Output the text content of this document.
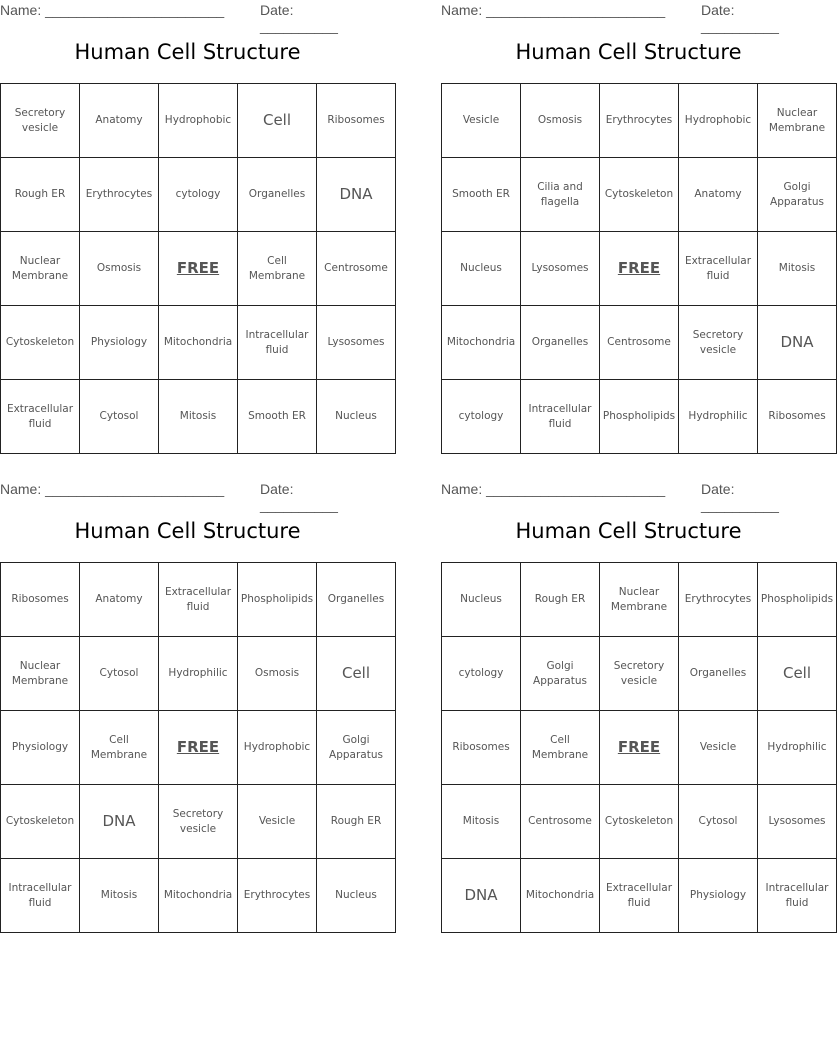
Name: _______________________	Date: __________
Human Cell Structure
Secretory vesicle	Anatomy	Hydrophobic	Cell	Ribosomes
Rough ER	Erythrocytes	cytology	Organelles	DNA
Nuclear Membrane	Osmosis	FREE	Cell Membrane	Centrosome
Cytoskeleton	Physiology	Mitochondria	Intracellular fluid	Lysosomes
Extracellular fluid	Cytosol	Mitosis	Smooth ER	Nucleus
Name: _______________________	Date: __________
Human Cell Structure
Vesicle	Osmosis	Erythrocytes	Hydrophobic	Nuclear Membrane
Smooth ER	Cilia and flagella	Cytoskeleton	Anatomy	Golgi Apparatus
Nucleus	Lysosomes	FREE	Extracellular fluid	Mitosis
Mitochondria	Organelles	Centrosome	Secretory vesicle	DNA
cytology	Intracellular fluid	Phospholipids	Hydrophilic	Ribosomes
Name: _______________________	Date: __________
Human Cell Structure
Ribosomes	Anatomy	Extracellular fluid	Phospholipids	Organelles
Nuclear Membrane	Cytosol	Hydrophilic	Osmosis	Cell
Physiology	Cell Membrane	FREE	Hydrophobic	Golgi Apparatus
Cytoskeleton	DNA	Secretory vesicle	Vesicle	Rough ER
Intracellular fluid	Mitosis	Mitochondria	Erythrocytes	Nucleus
Name: _______________________	Date: __________
Human Cell Structure
Nucleus	Rough ER	Nuclear Membrane	Erythrocytes	Phospholipids
cytology	Golgi Apparatus	Secretory vesicle	Organelles	Cell
Ribosomes	Cell Membrane	FREE	Vesicle	Hydrophilic
Mitosis	Centrosome	Cytoskeleton	Cytosol	Lysosomes
DNA	Mitochondria	Extracellular fluid	Physiology	Intracellular fluid
